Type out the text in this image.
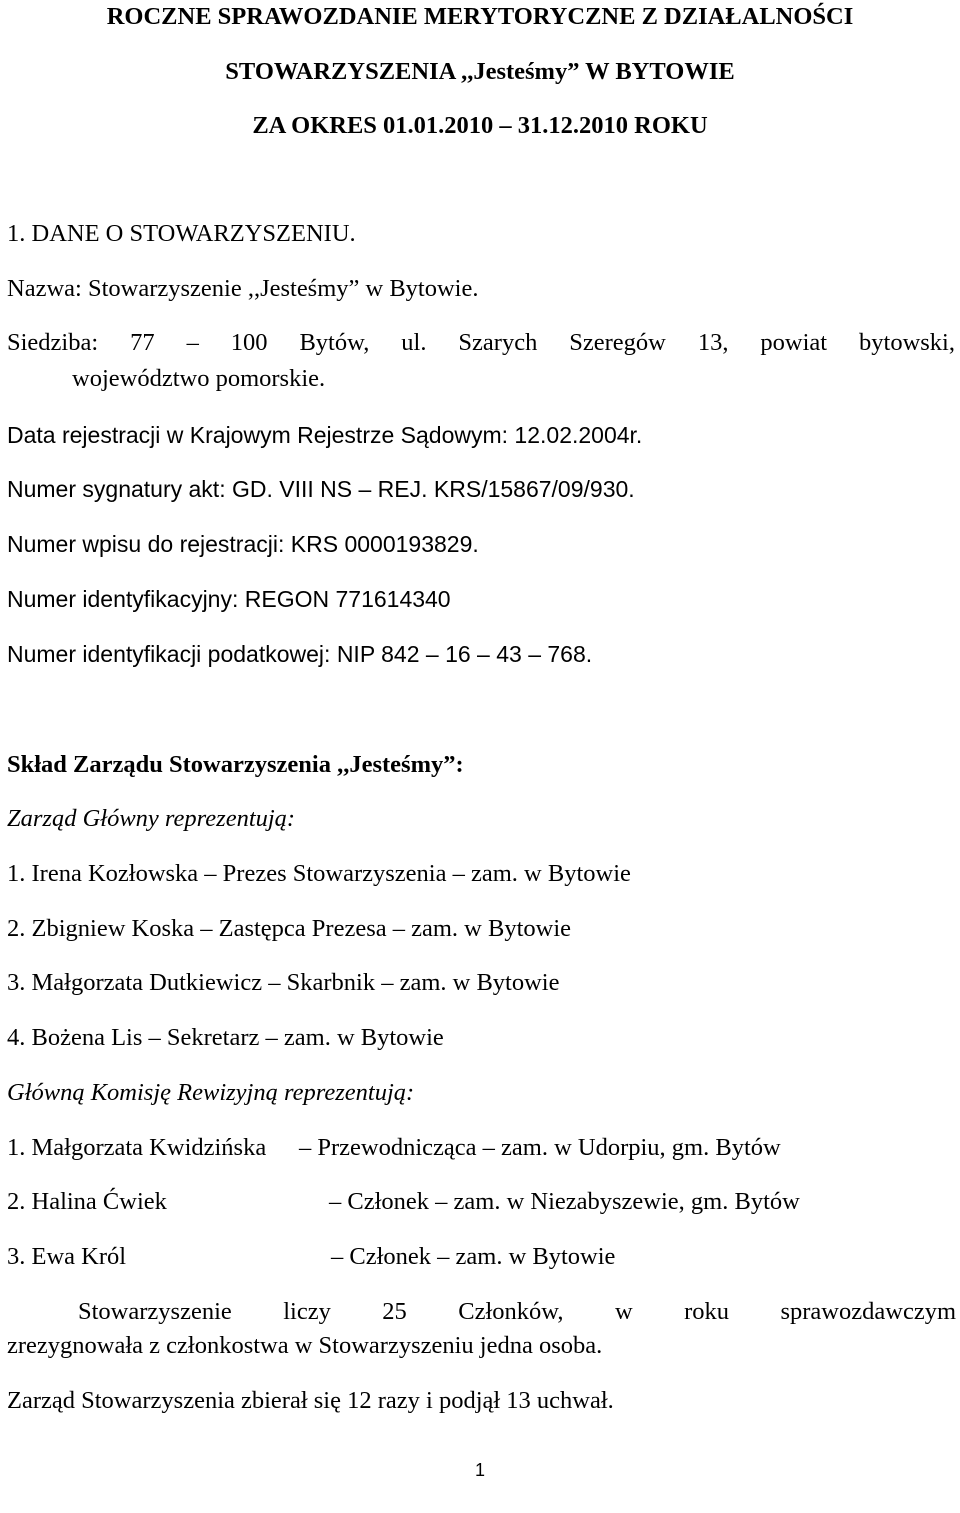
ROCZNE SPRAWOZDANIE MERYTORYCZNE Z DZIAŁALNOŚCI
STOWARZYSZENIA ,,Jesteśmy” W BYTOWIE
ZA OKRES 01.01.2010 – 31.12.2010 ROKU
1. DANE O STOWARZYSZENIU.
Nazwa: Stowarzyszenie ,,Jesteśmy” w Bytowie.
Siedziba: 77 – 100 Bytów, ul. Szarych Szeregów 13, powiat bytowski,
województwo pomorskie.
Data rejestracji w Krajowym Rejestrze Sądowym: 12.02.2004r.
Numer sygnatury akt: GD. VIII NS – REJ. KRS/15867/09/930.
Numer wpisu do rejestracji: KRS 0000193829.
Numer identyfikacyjny: REGON 771614340
Numer identyfikacji podatkowej: NIP 842 – 16 – 43 – 768.
Skład Zarządu Stowarzyszenia ,,Jesteśmy”:
Zarząd Główny reprezentują:
1. Irena Kozłowska – Prezes Stowarzyszenia – zam. w Bytowie
2. Zbigniew Koska – Zastępca Prezesa – zam. w Bytowie
3. Małgorzata Dutkiewicz – Skarbnik – zam. w Bytowie
4. Bożena Lis – Sekretarz – zam. w Bytowie
Główną Komisję Rewizyjną reprezentują:
1. Małgorzata Kwidzińska – Przewodnicząca – zam. w Udorpiu, gm. Bytów
2. Halina Ćwiek	– Członek – zam. w Niezabyszewie, gm. Bytów
3. Ewa Król	– Członek – zam. w Bytowie
Stowarzyszenie liczy 25 Członków, w roku sprawozdawczym
zrezygnowała z członkostwa w Stowarzyszeniu jedna osoba.
Zarząd Stowarzyszenia zbierał się 12 razy i podjął 13 uchwał.
1
